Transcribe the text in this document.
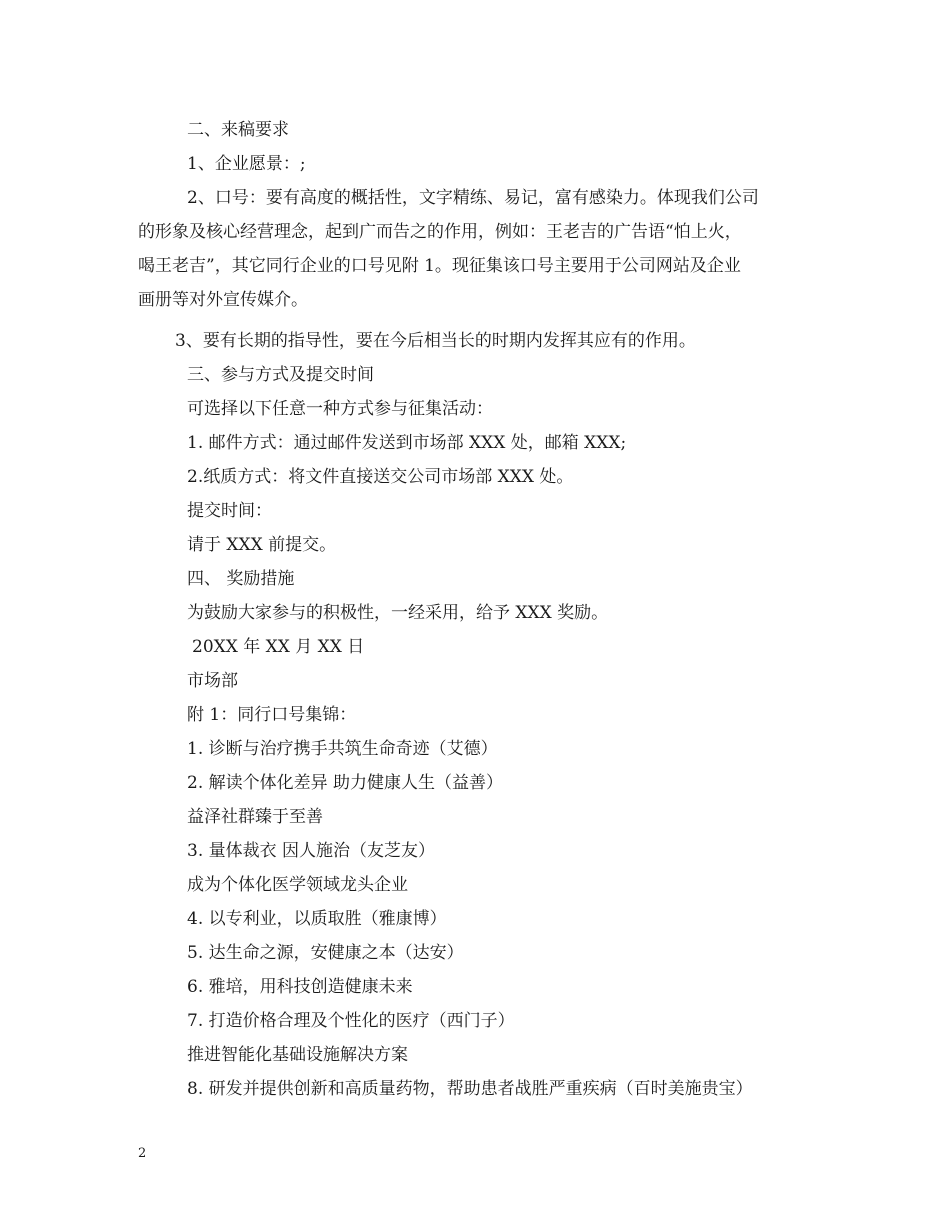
二、来稿要求
1、企业愿景：;
2、口号：要有高度的概括性，文字精练、易记，富有感染力。体现我们公司
的形象及核心经营理念，起到广而告之的作用，例如：王老吉的广告语“怕上火，
喝王老吉”，其它同行企业的口号见附 1。现征集该口号主要用于公司网站及企业
画册等对外宣传媒介。
3、要有长期的指导性，要在今后相当长的时期内发挥其应有的作用。
三、参与方式及提交时间
可选择以下任意一种方式参与征集活动：
1. 邮件方式：通过邮件发送到市场部 XXX 处，邮箱 XXX;
2.纸质方式：将文件直接送交公司市场部 XXX 处。
提交时间：
请于 XXX 前提交。
四、 奖励措施
为鼓励大家参与的积极性，一经采用，给予 XXX 奖励。
20XX 年 XX 月 XX 日
市场部
附 1：同行口号集锦：
1. 诊断与治疗携手共筑生命奇迹（艾德）
2. 解读个体化差异 助力健康人生（益善）
益泽社群臻于至善
3. 量体裁衣 因人施治（友芝友）
成为个体化医学领域龙头企业
4. 以专利业，以质取胜（雅康博）
5. 达生命之源，安健康之本（达安）
6. 雅培，用科技创造健康未来
7. 打造价格合理及个性化的医疗（西门子）
推进智能化基础设施解决方案
8. 研发并提供创新和高质量药物，帮助患者战胜严重疾病（百时美施贵宝）
2
